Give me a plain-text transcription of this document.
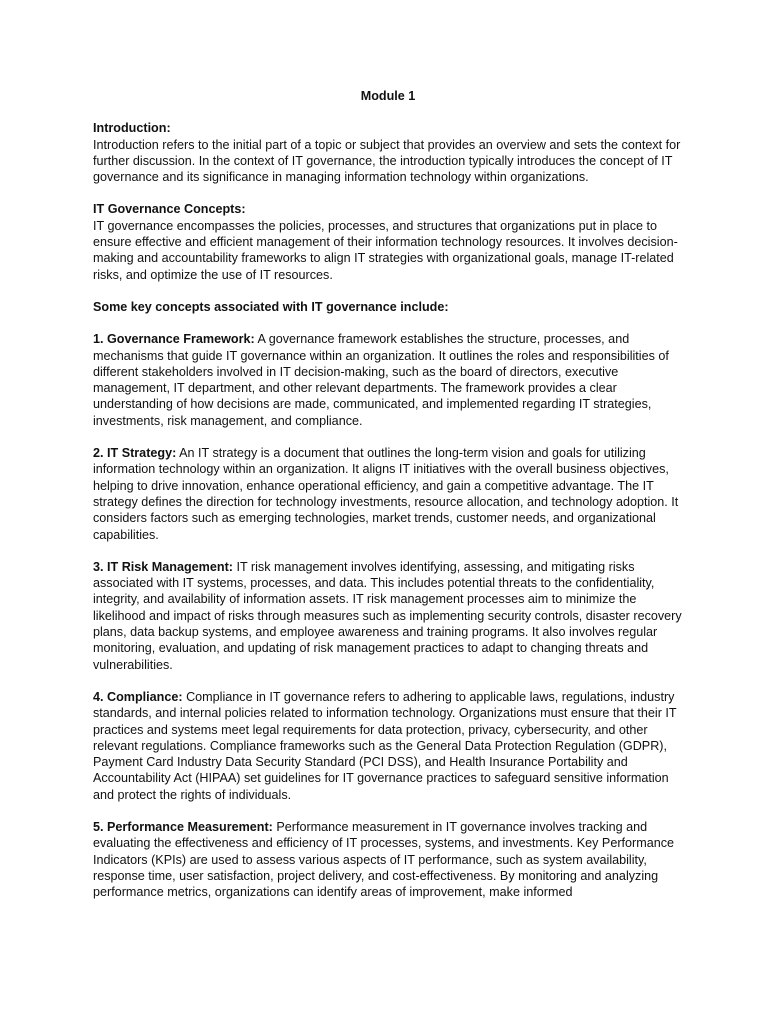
Module 1
Introduction:

Introduction refers to the initial part of a topic or subject that provides an overview and sets the context for further discussion. In the context of IT governance, the introduction typically introduces the concept of IT governance and its significance in managing information technology within organizations.

IT Governance Concepts:

IT governance encompasses the policies, processes, and structures that organizations put in place to ensure effective and efficient management of their information technology resources. It involves decision-making and accountability frameworks to align IT strategies with organizational goals, manage IT-related risks, and optimize the use of IT resources.

Some key concepts associated with IT governance include:

1. Governance Framework: A governance framework establishes the structure, processes, and mechanisms that guide IT governance within an organization. It outlines the roles and responsibilities of different stakeholders involved in IT decision-making, such as the board of directors, executive management, IT department, and other relevant departments. The framework provides a clear understanding of how decisions are made, communicated, and implemented regarding IT strategies, investments, risk management, and compliance.

2. IT Strategy: An IT strategy is a document that outlines the long-term vision and goals for utilizing information technology within an organization. It aligns IT initiatives with the overall business objectives, helping to drive innovation, enhance operational efficiency, and gain a competitive advantage. The IT strategy defines the direction for technology investments, resource allocation, and technology adoption. It considers factors such as emerging technologies, market trends, customer needs, and organizational capabilities.

3. IT Risk Management: IT risk management involves identifying, assessing, and mitigating risks associated with IT systems, processes, and data. This includes potential threats to the confidentiality, integrity, and availability of information assets. IT risk management processes aim to minimize the likelihood and impact of risks through measures such as implementing security controls, disaster recovery plans, data backup systems, and employee awareness and training programs. It also involves regular monitoring, evaluation, and updating of risk management practices to adapt to changing threats and vulnerabilities.

4. Compliance: Compliance in IT governance refers to adhering to applicable laws, regulations, industry standards, and internal policies related to information technology. Organizations must ensure that their IT practices and systems meet legal requirements for data protection, privacy, cybersecurity, and other relevant regulations. Compliance frameworks such as the General Data Protection Regulation (GDPR), Payment Card Industry Data Security Standard (PCI DSS), and Health Insurance Portability and Accountability Act (HIPAA) set guidelines for IT governance practices to safeguard sensitive information and protect the rights of individuals.

5. Performance Measurement: Performance measurement in IT governance involves tracking and evaluating the effectiveness and efficiency of IT processes, systems, and investments. Key Performance Indicators (KPIs) are used to assess various aspects of IT performance, such as system availability, response time, user satisfaction, project delivery, and cost-effectiveness. By monitoring and analyzing performance metrics, organizations can identify areas of improvement, make informed
